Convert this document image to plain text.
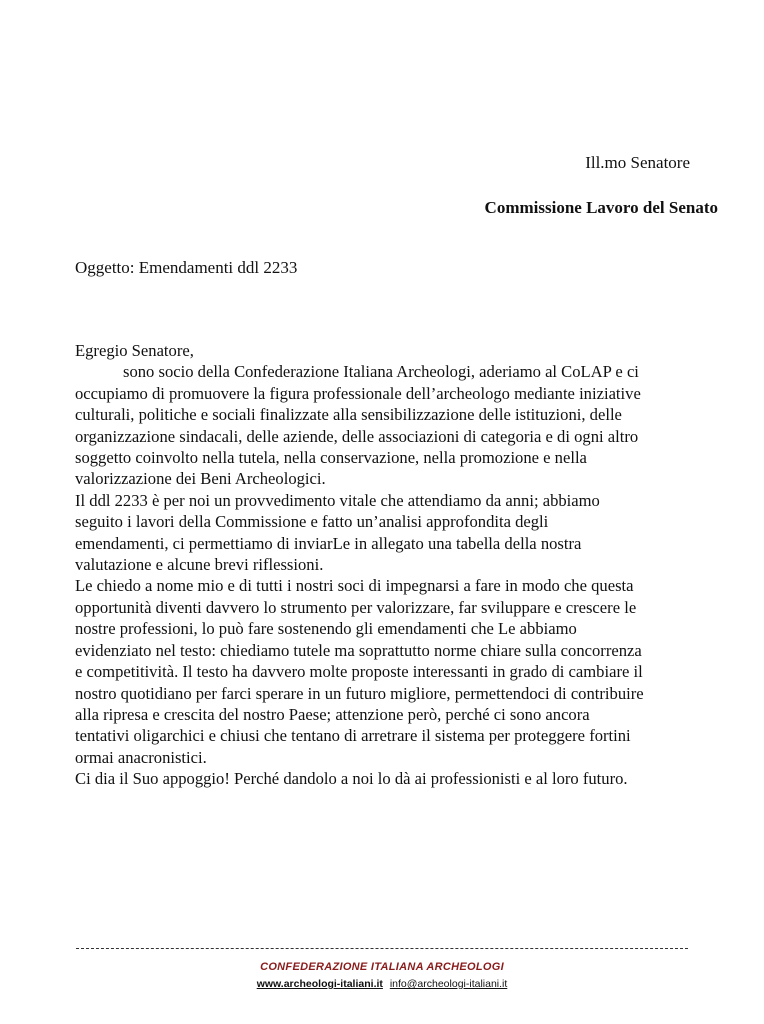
Ill.mo Senatore
Commissione Lavoro del Senato
Oggetto: Emendamenti ddl 2233
Egregio Senatore,
sono socio della Confederazione Italiana Archeologi, aderiamo al CoLAP e ci
occupiamo di promuovere la figura professionale dell’archeologo mediante iniziative
culturali, politiche e sociali finalizzate alla sensibilizzazione delle istituzioni, delle
organizzazione sindacali, delle aziende, delle associazioni di categoria e di ogni altro
soggetto coinvolto nella tutela, nella conservazione, nella promozione e nella
valorizzazione dei Beni Archeologici.
Il ddl 2233 è per noi un provvedimento vitale che attendiamo da anni; abbiamo
seguito i lavori della Commissione e fatto un’analisi approfondita degli
emendamenti, ci permettiamo di inviarLe in allegato una tabella della nostra
valutazione e alcune brevi riflessioni.
Le chiedo a nome mio e di tutti i nostri soci di impegnarsi a fare in modo che questa
opportunità diventi davvero lo strumento per valorizzare, far sviluppare e crescere le
nostre professioni, lo può fare sostenendo gli emendamenti che Le abbiamo
evidenziato nel testo: chiediamo tutele ma soprattutto norme chiare sulla concorrenza
e competitività. Il testo ha davvero molte proposte interessanti in grado di cambiare il
nostro quotidiano per farci sperare in un futuro migliore, permettendoci di contribuire
alla ripresa e crescita del nostro Paese; attenzione però, perché ci sono ancora
tentativi oligarchici e chiusi che tentano di arretrare il sistema per proteggere fortini
ormai anacronistici.
Ci dia il Suo appoggio! Perché dandolo a noi lo dà ai professionisti e al loro futuro.
CONFEDERAZIONE ITALIANA ARCHEOLOGI
www.archeologi-italiani.it info@archeologi-italiani.it
